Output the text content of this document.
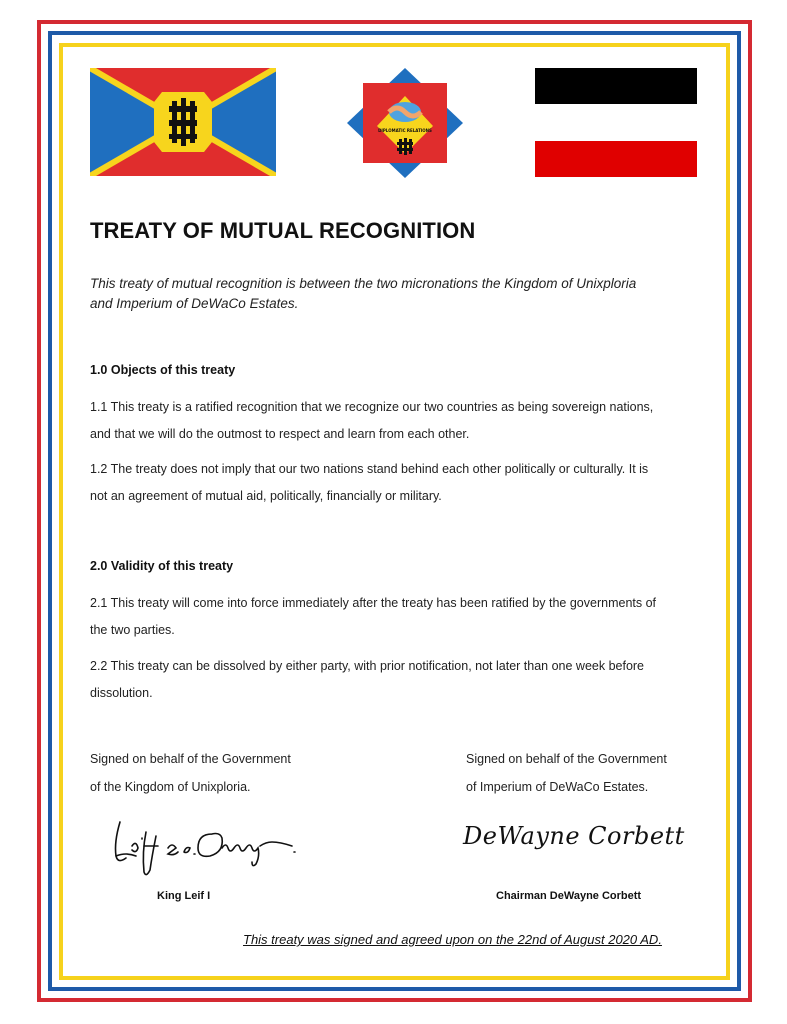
DIPLOMATIC RELATIONS
TREATY OF MUTUAL RECOGNITION
This treaty of mutual recognition is between the two micronations the Kingdom of Unixploria
and Imperium of DeWaCo Estates.
1.0 Objects of this treaty
1.1 This treaty is a ratified recognition that we recognize our two countries as being sovereign nations,
and that we will do the outmost to respect and learn from each other.
1.2 The treaty does not imply that our two nations stand behind each other politically or culturally. It is
not an agreement of mutual aid, politically, financially or military.
2.0 Validity of this treaty
2.1 This treaty will come into force immediately after the treaty has been ratified by the governments of
the two parties.
2.2 This treaty can be dissolved by either party, with prior notification, not later than one week before
dissolution.
Signed on behalf of the Government
of the Kingdom of Unixploria.
Signed on behalf of the Government
of Imperium of DeWaCo Estates.
DeWayne Corbett
King Leif I	Chairman DeWayne Corbett
This treaty was signed and agreed upon on the 22nd of August 2020 AD.
